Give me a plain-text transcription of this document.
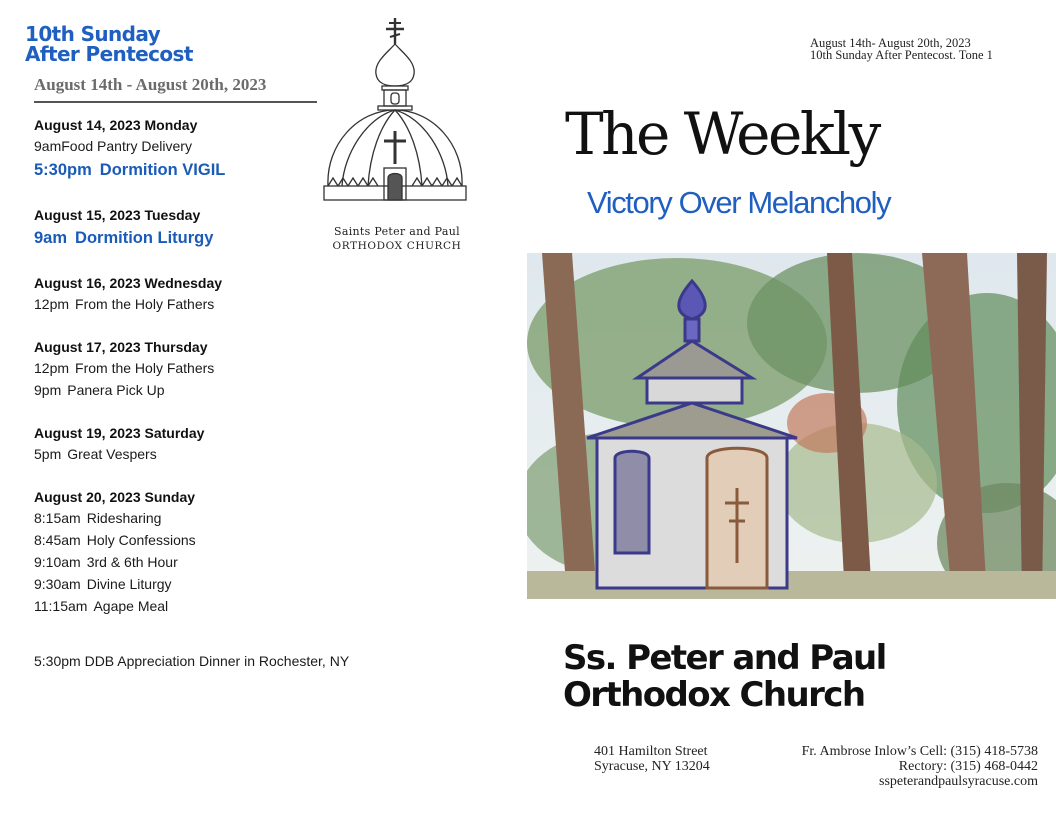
10th Sunday
After Pentecost
August 14th - August 20th, 2023
August 14, 2023 Monday
9amFood Pantry Delivery
5:30pm Dormition VIGIL
August 15, 2023 Tuesday
9am Dormition Liturgy
August 16, 2023 Wednesday
12pm From the Holy Fathers
August 17, 2023 Thursday
12pm From the Holy Fathers
9pm Panera Pick Up
August 19, 2023 Saturday
5pm Great Vespers
August 20, 2023 Sunday
8:15am Ridesharing
8:45am Holy Confessions
9:10am 3rd & 6th Hour
9:30am Divine Liturgy
11:15am Agape Meal
5:30pm DDB Appreciation Dinner in Rochester, NY
Saints Peter and Paul
ORTHODOX CHURCH
August 14th- August 20th, 2023
10th Sunday After Pentecost. Tone 1
The Weekly
Victory Over Melancholy
Ss. Peter and Paul
Orthodox Church
401 Hamilton Street
Syracuse, NY 13204
Fr. Ambrose Inlow’s Cell: (315) 418-5738
Rectory: (315) 468-0442
sspeterandpaulsyracuse.com
